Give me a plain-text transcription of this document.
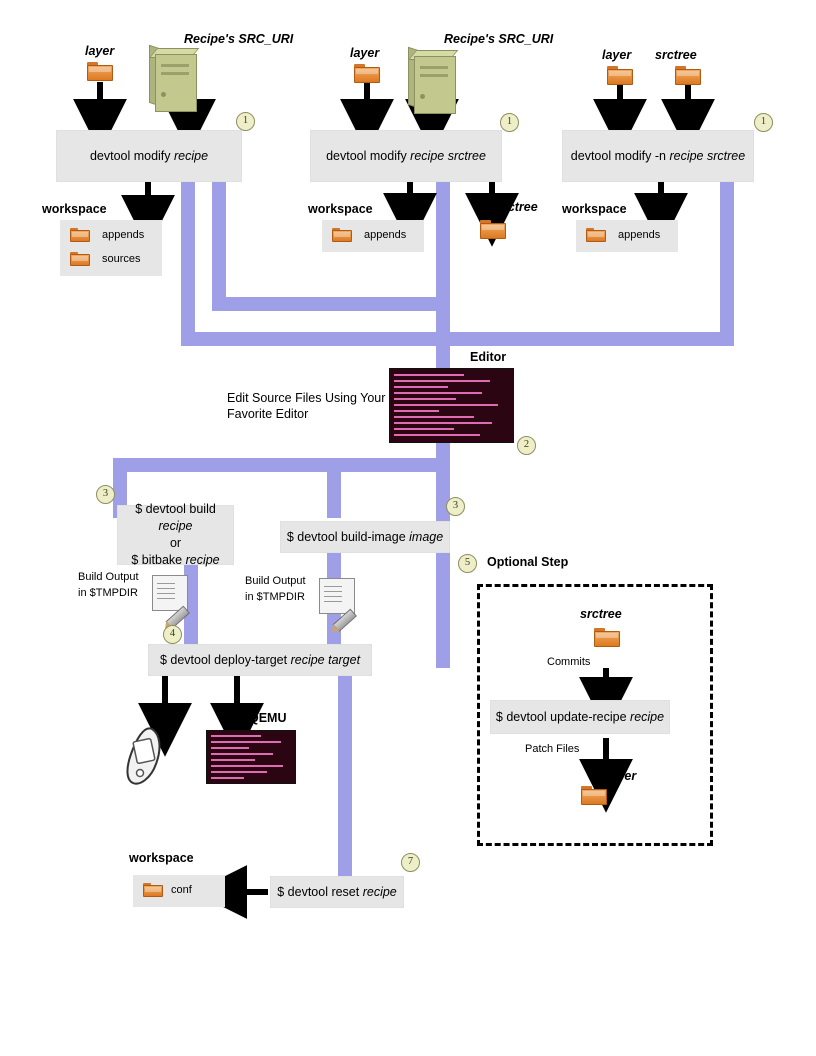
layer
Recipe's SRC_URI
1
devtool modify recipe
workspace
appends
sources
layer
Recipe's SRC_URI
1
devtool modify recipe srctree
workspace
appends
srctree
layer srctree
1
devtool modify -n recipe srctree
workspace
appends
Editor
Edit Source Files Using Your
Favorite Editor
2
3
$ devtool build recipe
or
$ bitbake recipe
3
$ devtool build-image image
Build Output
in $TMPDIR
Build Output
in $TMPDIR
4
$ devtool deploy-target recipe target
QEMU
5	Optional Step
srctree
Commits
$ devtool update-recipe recipe
Patch Files
layer
workspace
conf
7
$ devtool reset recipe
